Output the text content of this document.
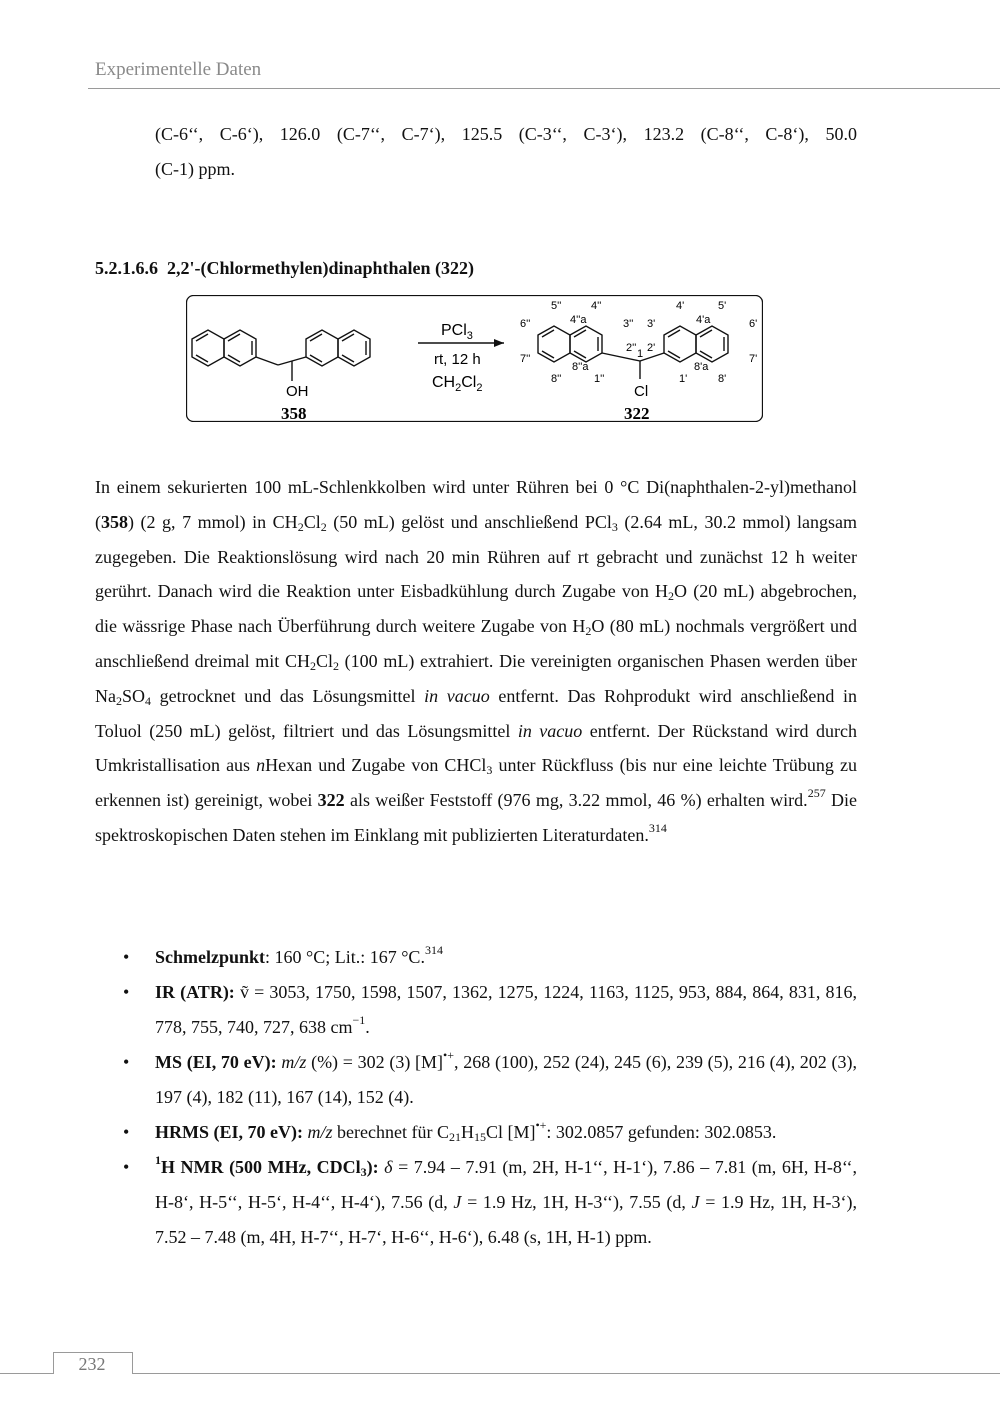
Experimentelle Daten
(C-6‘‘, C-6‘), 126.0 (C-7‘‘, C-7‘), 125.5 (C-3‘‘, C-3‘), 123.2 (C-8‘‘, C-8‘), 50.0
(C-1) ppm.
5.2.1.6.6 2,2'-(Chlormethylen)dinaphthalen (322)
OH
358
PCl$_3$
rt, 12 h
$CH_2Cl_2$
5''	4''
4''a	3'' 3'
4'
4'a
5'
6''	6'
2'' 2'
1
7''	7'
8''a	8'a
8''	1''	1'	8'
Cl
322
In einem sekurierten 100 mL-Schlenkkolben wird unter Rühren bei 0 °C Di(naphthalen-2-yl)methanol (358) (2 g, 7 mmol) in $CH_2Cl_2$ (50 mL) gelöst und anschließend PCl$_3$ (2.64 mL, 30.2 mmol) langsam zugegeben. Die Reaktionslösung wird nach 20 min Rühren auf rt gebracht und zunächst 12 h weiter gerührt. Danach wird die Reaktion unter Eisbadkühlung durch Zugabe von $H_2O$ (20 mL) abgebrochen, die wässrige Phase nach Überführung durch weitere Zugabe von $H_2O$ (80 mL) nochmals vergrößert und anschließend dreimal mit $CH_2Cl_2$ (100 mL) extrahiert. Die vereinigten organischen Phasen werden über $Na_2SO_4$ getrocknet und das Lösungsmittel in vacuo entfernt. Das Rohprodukt wird anschließend in Toluol (250 mL) gelöst, filtriert und das Lösungsmittel in vacuo entfernt. Der Rückstand wird durch Umkristallisation aus nHexan und Zugabe von CHCl$_3$ unter Rückfluss (bis nur eine leichte Trübung zu erkennen ist) gereinigt, wobei 322 als weißer Feststoff (976 mg, 3.22 mmol, 46 %) erhalten wird.$^{257}$ Die spektroskopischen Daten stehen im Einklang mit publizierten Literaturdaten.$^{314}$
• Schmelzpunkt: 160 °C; Lit.: 167 °C.$^{314}$
• IR (ATR): ṽ = 3053, 1750, 1598, 1507, 1362, 1275, 1224, 1163, 1125, 953, 884, 864, 831, 816, 778, 755, 740, 727, 638 $cm^{-1}$.
• MS (EI, 70 eV): m/z (%) = 302 (3) [M]•+, 268 (100), 252 (24), 245 (6), 239 (5), 216 (4), 202 (3), 197 (4), 182 (11), 167 (14), 152 (4).
• HRMS (EI, 70 eV): m/z berechnet für $C_{21}H_{15}Cl$ [M]•+: 302.0857 gefunden: 302.0853.
• $^1$H NMR (500 MHz, CDCl$_3$): δ = 7.94 – 7.91 (m, 2H, H-1‘‘, H-1‘), 7.86 – 7.81 (m, 6H, H-8‘‘, H-8‘, H-5‘‘, H-5‘, H-4‘‘, H-4‘), 7.56 (d, J = 1.9 Hz, 1H, H-3‘‘), 7.55 (d, J = 1.9 Hz, 1H, H-3‘), 7.52 – 7.48 (m, 4H, H-7‘‘, H-7‘, H-6‘‘, H-6‘), 6.48 (s, 1H, H-1) ppm.
232
